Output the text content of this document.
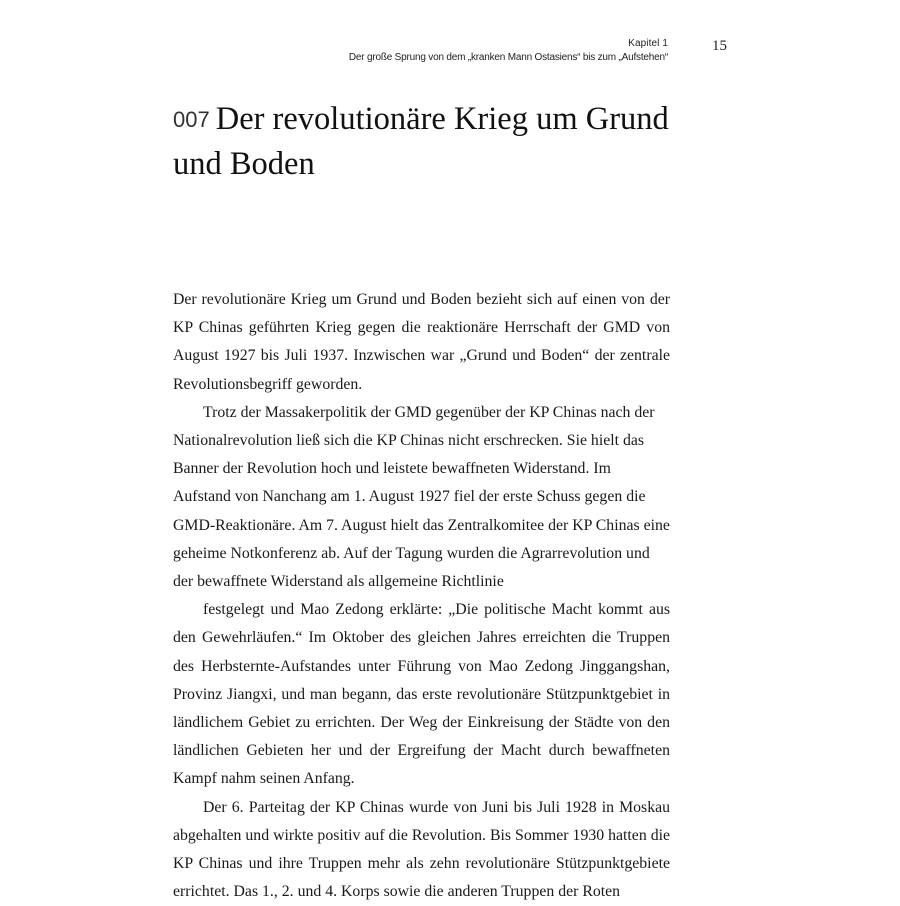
Kapitel 1
Der große Sprung von dem „kranken Mann Ostasiens“ bis zum „Aufstehen“
15
007 Der revolutionäre Krieg um Grund und Boden

Der revolutionäre Krieg um Grund und Boden bezieht sich auf einen von der KP Chinas geführten Krieg gegen die reaktionäre Herrschaft der GMD von August 1927 bis Juli 1937. Inzwischen war „Grund und Boden“ der zentrale Revolutionsbegriff geworden.

Trotz der Massakerpolitik der GMD gegenüber der KP Chinas nach der Nationalrevolution ließ sich die KP Chinas nicht erschrecken. Sie hielt das Banner der Revolution hoch und leistete bewaffneten Widerstand. Im Aufstand von Nanchang am 1. August 1927 fiel der erste Schuss gegen die GMD-Reaktionäre. Am 7. August hielt das Zentralkomitee der KP Chinas eine geheime Notkonferenz ab. Auf der Tagung wurden die Agrarrevolution und der bewaffnete Widerstand als allgemeine Richtlinie

festgelegt und Mao Zedong erklärte: „Die politische Macht kommt aus den Gewehrläufen.“ Im Oktober des gleichen Jahres erreichten die Truppen des Herbsternte-Aufstandes unter Führung von Mao Zedong Jinggangshan, Provinz Jiangxi, und man begann, das erste revolutionäre Stützpunktgebiet in ländlichem Gebiet zu errichten. Der Weg der Einkreisung der Städte von den ländlichen Gebieten her und der Ergreifung der Macht durch bewaffneten Kampf nahm seinen Anfang.

Der 6. Parteitag der KP Chinas wurde von Juni bis Juli 1928 in Moskau abgehalten und wirkte positiv auf die Revolution. Bis Sommer 1930 hatten die KP Chinas und ihre Truppen mehr als zehn revolutionäre Stützpunktgebiete errichtet. Das 1., 2. und 4. Korps sowie die anderen Truppen der Roten
